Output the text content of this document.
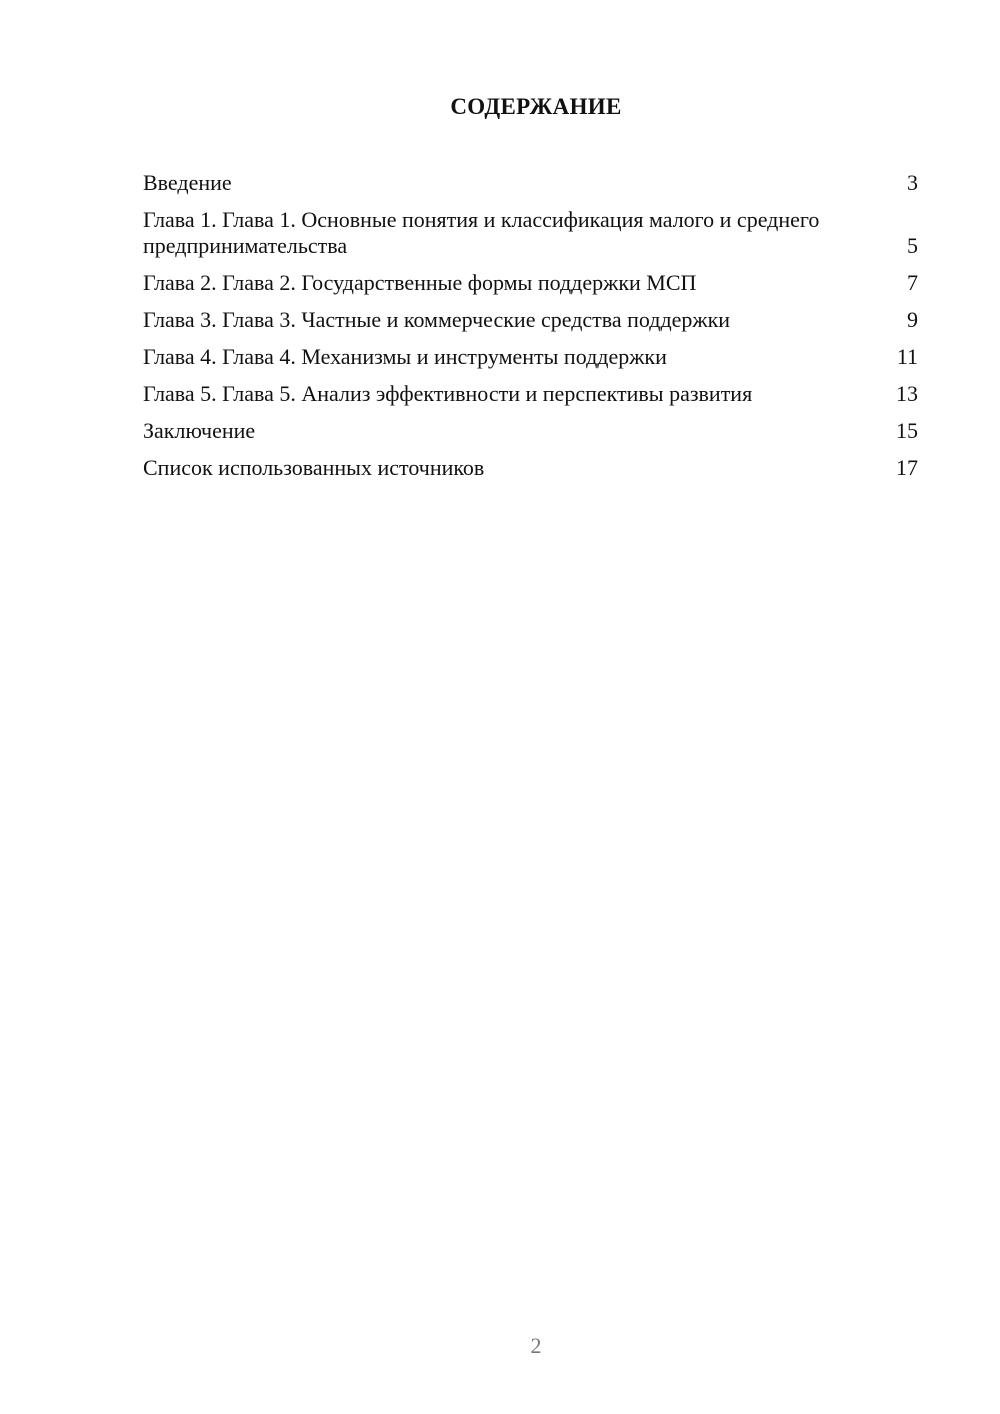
СОДЕРЖАНИЕ
Введение	3
Глава 1. Глава 1. Основные понятия и классификация малого и среднего предпринимательства	5
Глава 2. Глава 2. Государственные формы поддержки МСП	7
Глава 3. Глава 3. Частные и коммерческие средства поддержки	9
Глава 4. Глава 4. Механизмы и инструменты поддержки	11
Глава 5. Глава 5. Анализ эффективности и перспективы развития	13
Заключение	15
Список использованных источников	17
2
